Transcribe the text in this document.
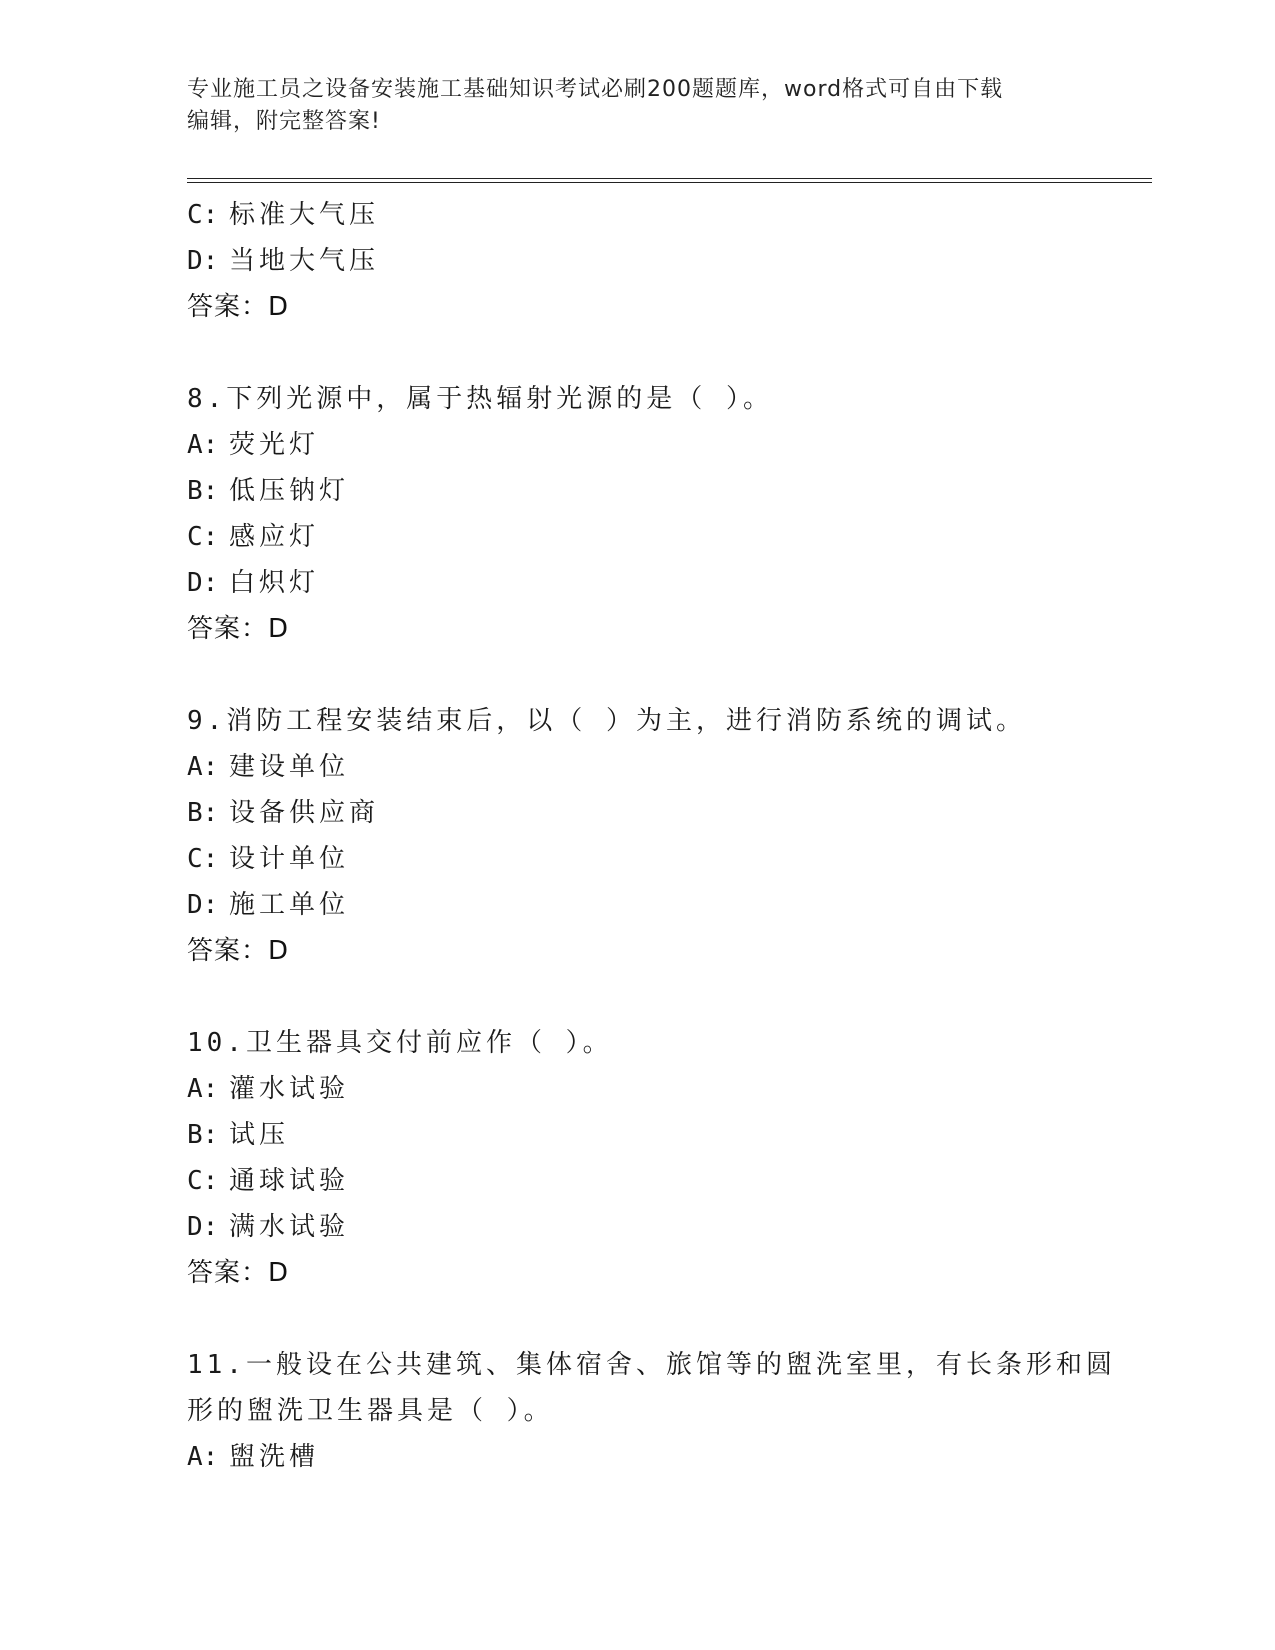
专业施工员之设备安装施工基础知识考试必刷200题题库，word格式可自由下载
编辑，附完整答案!
C: 标准大气压
D: 当地大气压
答案：D
8.下列光源中，属于热辐射光源的是（ ）。
A: 荧光灯
B: 低压钠灯
C: 感应灯
D: 白炽灯
答案：D
9.消防工程安装结束后，以（ ）为主，进行消防系统的调试。
A: 建设单位
B: 设备供应商
C: 设计单位
D: 施工单位
答案：D
10.卫生器具交付前应作（ ）。
A: 灌水试验
B: 试压
C: 通球试验
D: 满水试验
答案：D
11.一般设在公共建筑、集体宿舍、旅馆等的盥洗室里，有长条形和圆
形的盥洗卫生器具是（ ）。
A: 盥洗槽
